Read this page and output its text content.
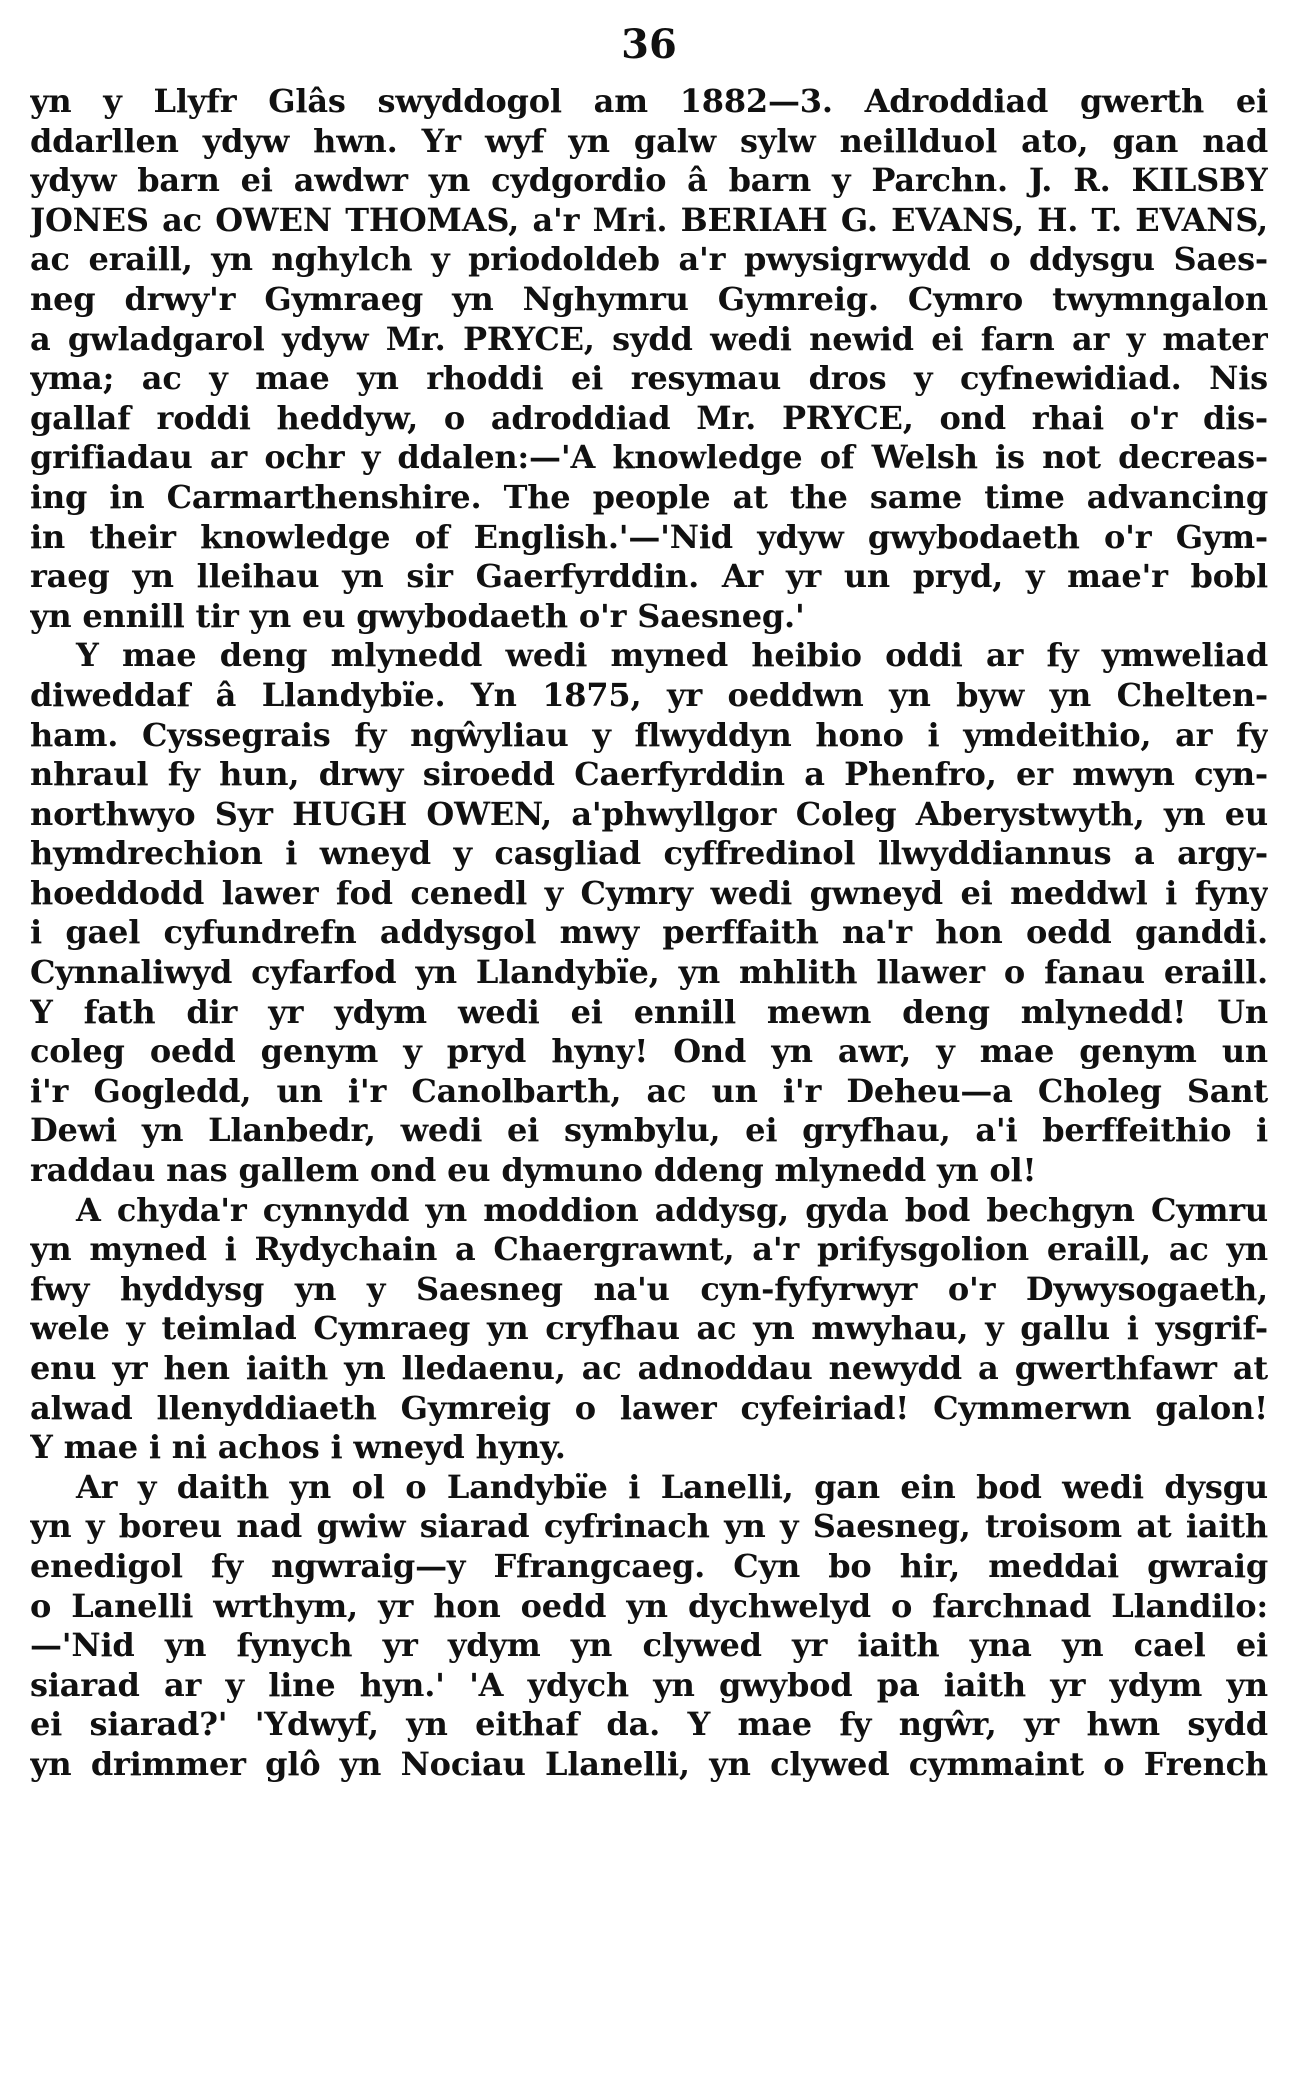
36
yn y Llyfr Glâs swyddogol am 1882—3. Adroddiad gwerth ei
ddarllen ydyw hwn. Yr wyf yn galw sylw neillduol ato, gan nad
ydyw barn ei awdwr yn cydgordio â barn y Parchn. J. R. KILSBY
JONES ac OWEN THOMAS, a'r Mri. BERIAH G. EVANS, H. T. EVANS,
ac eraill, yn nghylch y priodoldeb a'r pwysigrwydd o ddysgu Saes-
neg drwy'r Gymraeg yn Nghymru Gymreig. Cymro twymngalon
a gwladgarol ydyw Mr. PRYCE, sydd wedi newid ei farn ar y mater
yma; ac y mae yn rhoddi ei resymau dros y cyfnewidiad. Nis
gallaf roddi heddyw, o adroddiad Mr. PRYCE, ond rhai o'r dis-
grifiadau ar ochr y ddalen:—'A knowledge of Welsh is not decreas-
ing in Carmarthenshire. The people at the same time advancing
in their knowledge of English.'—'Nid ydyw gwybodaeth o'r Gym-
raeg yn lleihau yn sir Gaerfyrddin. Ar yr un pryd, y mae'r bobl
yn ennill tir yn eu gwybodaeth o'r Saesneg.'
Y mae deng mlynedd wedi myned heibio oddi ar fy ymweliad
diweddaf â Llandybïe. Yn 1875, yr oeddwn yn byw yn Chelten-
ham. Cyssegrais fy ngŵyliau y flwyddyn hono i ymdeithio, ar fy
nhraul fy hun, drwy siroedd Caerfyrddin a Phenfro, er mwyn cyn-
northwyo Syr HUGH OWEN, a'phwyllgor Coleg Aberystwyth, yn eu
hymdrechion i wneyd y casgliad cyffredinol llwyddiannus a argy-
hoeddodd lawer fod cenedl y Cymry wedi gwneyd ei meddwl i fyny
i gael cyfundrefn addysgol mwy perffaith na'r hon oedd ganddi.
Cynnaliwyd cyfarfod yn Llandybïe, yn mhlith llawer o fanau eraill.
Y fath dir yr ydym wedi ei ennill mewn deng mlynedd! Un
coleg oedd genym y pryd hyny! Ond yn awr, y mae genym un
i'r Gogledd, un i'r Canolbarth, ac un i'r Deheu—a Choleg Sant
Dewi yn Llanbedr, wedi ei symbylu, ei gryfhau, a'i berffeithio i
raddau nas gallem ond eu dymuno ddeng mlynedd yn ol!
A chyda'r cynnydd yn moddion addysg, gyda bod bechgyn Cymru
yn myned i Rydychain a Chaergrawnt, a'r prifysgolion eraill, ac yn
fwy hyddysg yn y Saesneg na'u cyn-fyfyrwyr o'r Dywysogaeth,
wele y teimlad Cymraeg yn cryfhau ac yn mwyhau, y gallu i ysgrif-
enu yr hen iaith yn lledaenu, ac adnoddau newydd a gwerthfawr at
alwad llenyddiaeth Gymreig o lawer cyfeiriad! Cymmerwn galon!
Y mae i ni achos i wneyd hyny.
Ar y daith yn ol o Landybïe i Lanelli, gan ein bod wedi dysgu
yn y boreu nad gwiw siarad cyfrinach yn y Saesneg, troisom at iaith
enedigol fy ngwraig—y Ffrangcaeg. Cyn bo hir, meddai gwraig
o Lanelli wrthym, yr hon oedd yn dychwelyd o farchnad Llandilo:
—'Nid yn fynych yr ydym yn clywed yr iaith yna yn cael ei
siarad ar y line hyn.' 'A ydych yn gwybod pa iaith yr ydym yn
ei siarad?' 'Ydwyf, yn eithaf da. Y mae fy ngŵr, yr hwn sydd
yn drimmer glô yn Nociau Llanelli, yn clywed cymmaint o French
